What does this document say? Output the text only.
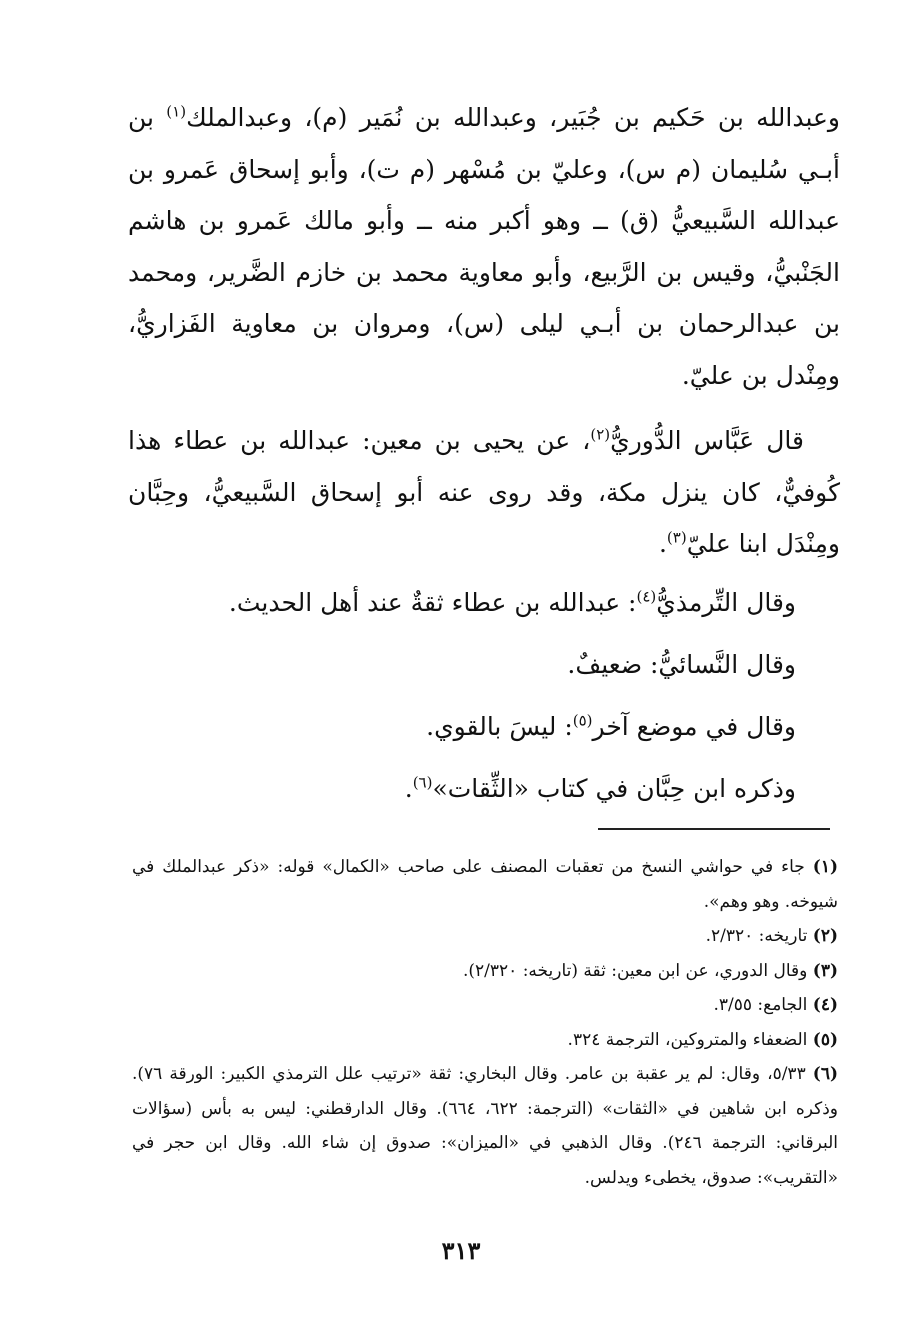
وعبدالله بن حَكيم بن جُبَير، وعبدالله بن نُمَير (م)، وعبدالملك$^{(١)}$ بن أبـي سُليمان (م س)، وعليّ بن مُسْهر (م ت)، وأبو إسحاق عَمرو بن عبدالله السَّبيعيُّ (ق) ــ وهو أكبر منه ــ وأبو مالك عَمرو بن هاشم الجَنْبيُّ، وقيس بن الرَّبيع، وأبو معاوية محمد بن خازم الضَّرير، ومحمد بن عبدالرحمان بن أبـي ليلى (س)، ومروان بن معاوية الفَزاريُّ، ومِنْدل بن عليّ.

قال عَبَّاس الدُّوريُّ$^{(٢)}$، عن يحيى بن معين: عبدالله بن عطاء هذا كُوفيٌّ، كان ينزل مكة، وقد روى عنه أبو إسحاق السَّبيعيُّ، وحِبَّان ومِنْدَل ابنا عليّ$^{(٣)}$.

وقال التِّرمذيُّ$^{(٤)}$: عبدالله بن عطاء ثقةٌ عند أهل الحديث.

وقال النَّسائيُّ: ضعيفٌ.

وقال في موضع آخر$^{(٥)}$: ليسَ بالقوي.

وذكره ابن حِبَّان في كتاب «الثِّقات»$^{(٦)}$.

(١) جاء في حواشي النسخ من تعقبات المصنف على صاحب «الكمال» قوله: «ذكر عبدالملك في شيوخه. وهو وهم».

(٢) تاريخه: ٢/٣٢٠.

(٣) وقال الدوري، عن ابن معين: ثقة (تاريخه: ٢/٣٢٠).

(٤) الجامع: ٣/٥٥.

(٥) الضعفاء والمتروكين، الترجمة ٣٢٤.

(٦) ٥/٣٣، وقال: لم ير عقبة بن عامر. وقال البخاري: ثقة «ترتيب علل الترمذي الكبير: الورقة ٧٦). وذكره ابن شاهين في «الثقات» (الترجمة: ٦٢٢، ٦٦٤). وقال الدارقطني: ليس به بأس (سؤالات البرقاني: الترجمة ٢٤٦). وقال الذهبي في «الميزان»: صدوق إن شاء الله. وقال ابن حجر في «التقريب»: صدوق، يخطىء ويدلس.

٣١٣
